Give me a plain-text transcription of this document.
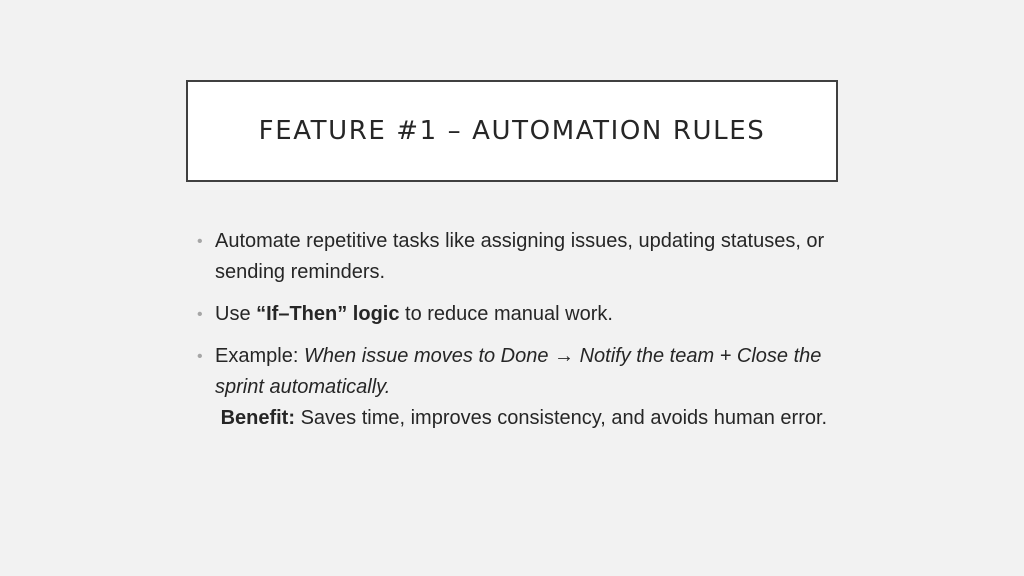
FEATURE #1 – AUTOMATION RULES
• Automate repetitive tasks like assigning issues, updating statuses, or sending reminders.
• Use “If–Then” logic to reduce manual work.
• Example: When issue moves to Done → Notify the team + Close the sprint automatically.
Benefit: Saves time, improves consistency, and avoids human error.
